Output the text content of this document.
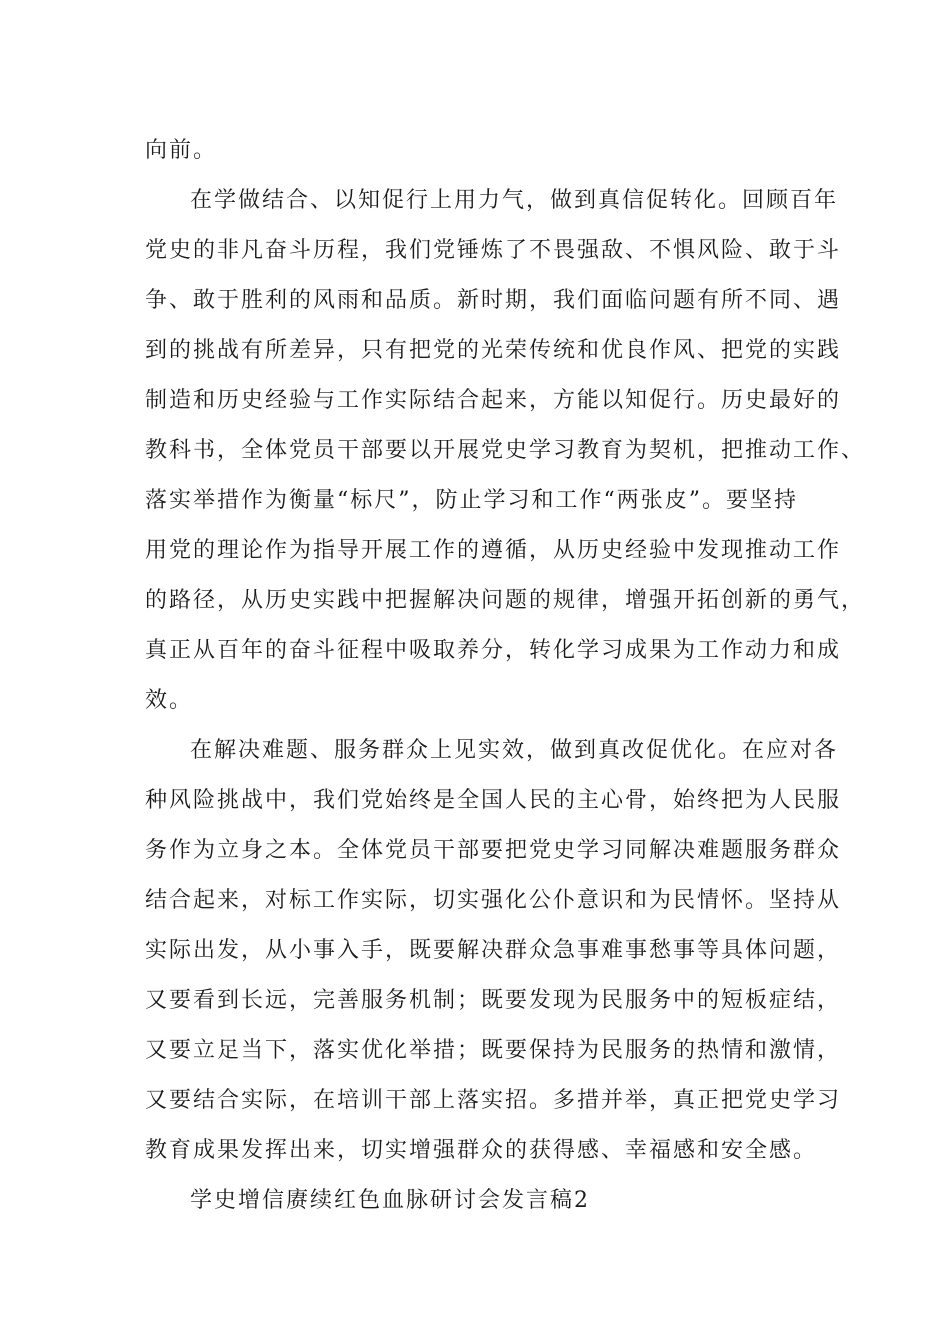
向前。

在学做结合、以知促行上用力气，做到真信促转化。回顾百年

党史的非凡奋斗历程，我们党锤炼了不畏强敌、不惧风险、敢于斗

争、敢于胜利的风雨和品质。新时期，我们面临问题有所不同、遇

到的挑战有所差异，只有把党的光荣传统和优良作风、把党的实践

制造和历史经验与工作实际结合起来，方能以知促行。历史最好的

教科书，全体党员干部要以开展党史学习教育为契机，把推动工作、

落实举措作为衡量“标尺”，防止学习和工作“两张皮”。要坚持

用党的理论作为指导开展工作的遵循，从历史经验中发现推动工作

的路径，从历史实践中把握解决问题的规律，增强开拓创新的勇气，

真正从百年的奋斗征程中吸取养分，转化学习成果为工作动力和成

效。

在解决难题、服务群众上见实效，做到真改促优化。在应对各

种风险挑战中，我们党始终是全国人民的主心骨，始终把为人民服

务作为立身之本。全体党员干部要把党史学习同解决难题服务群众

结合起来，对标工作实际，切实强化公仆意识和为民情怀。坚持从

实际出发，从小事入手，既要解决群众急事难事愁事等具体问题，

又要看到长远，完善服务机制；既要发现为民服务中的短板症结，

又要立足当下，落实优化举措；既要保持为民服务的热情和激情，

又要结合实际，在培训干部上落实招。多措并举，真正把党史学习

教育成果发挥出来，切实增强群众的获得感、幸福感和安全感。

学史增信赓续红色血脉研讨会发言稿2
